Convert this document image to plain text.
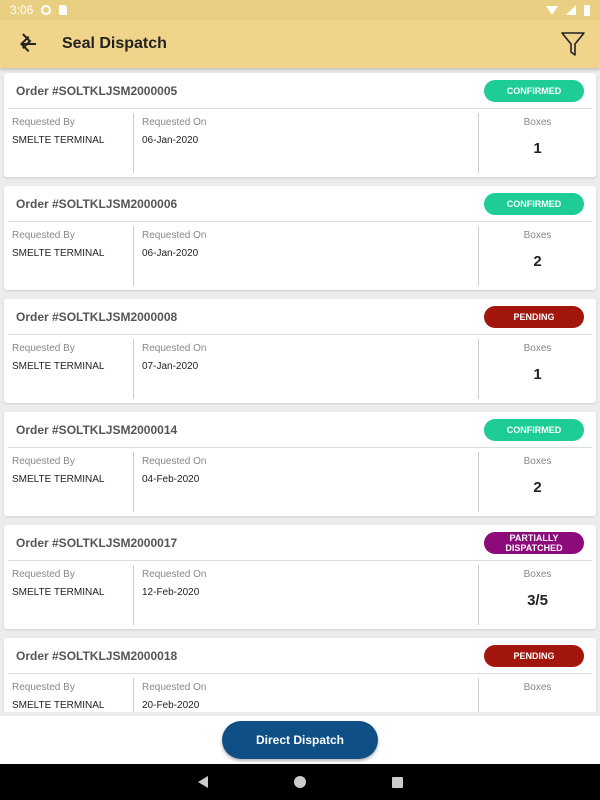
3:06
Seal Dispatch
Order #SOLTKLJSM2000005	CONFIRMED
Requested By
SMELTE TERMINAL
Requested On
06-Jan-2020
Boxes
1
Order #SOLTKLJSM2000006	CONFIRMED
Requested By
SMELTE TERMINAL
Requested On
06-Jan-2020
Boxes
2
Order #SOLTKLJSM2000008	PENDING
Requested By
SMELTE TERMINAL
Requested On
07-Jan-2020
Boxes
1
Order #SOLTKLJSM2000014	CONFIRMED
Requested By
SMELTE TERMINAL
Requested On
04-Feb-2020
Boxes
2
Order #SOLTKLJSM2000017	PARTIALLY DISPATCHED
Requested By
SMELTE TERMINAL
Requested On
12-Feb-2020
Boxes
3/5
Order #SOLTKLJSM2000018	PENDING
Requested By
SMELTE TERMINAL
Requested On
20-Feb-2020
Boxes
Direct Dispatch
